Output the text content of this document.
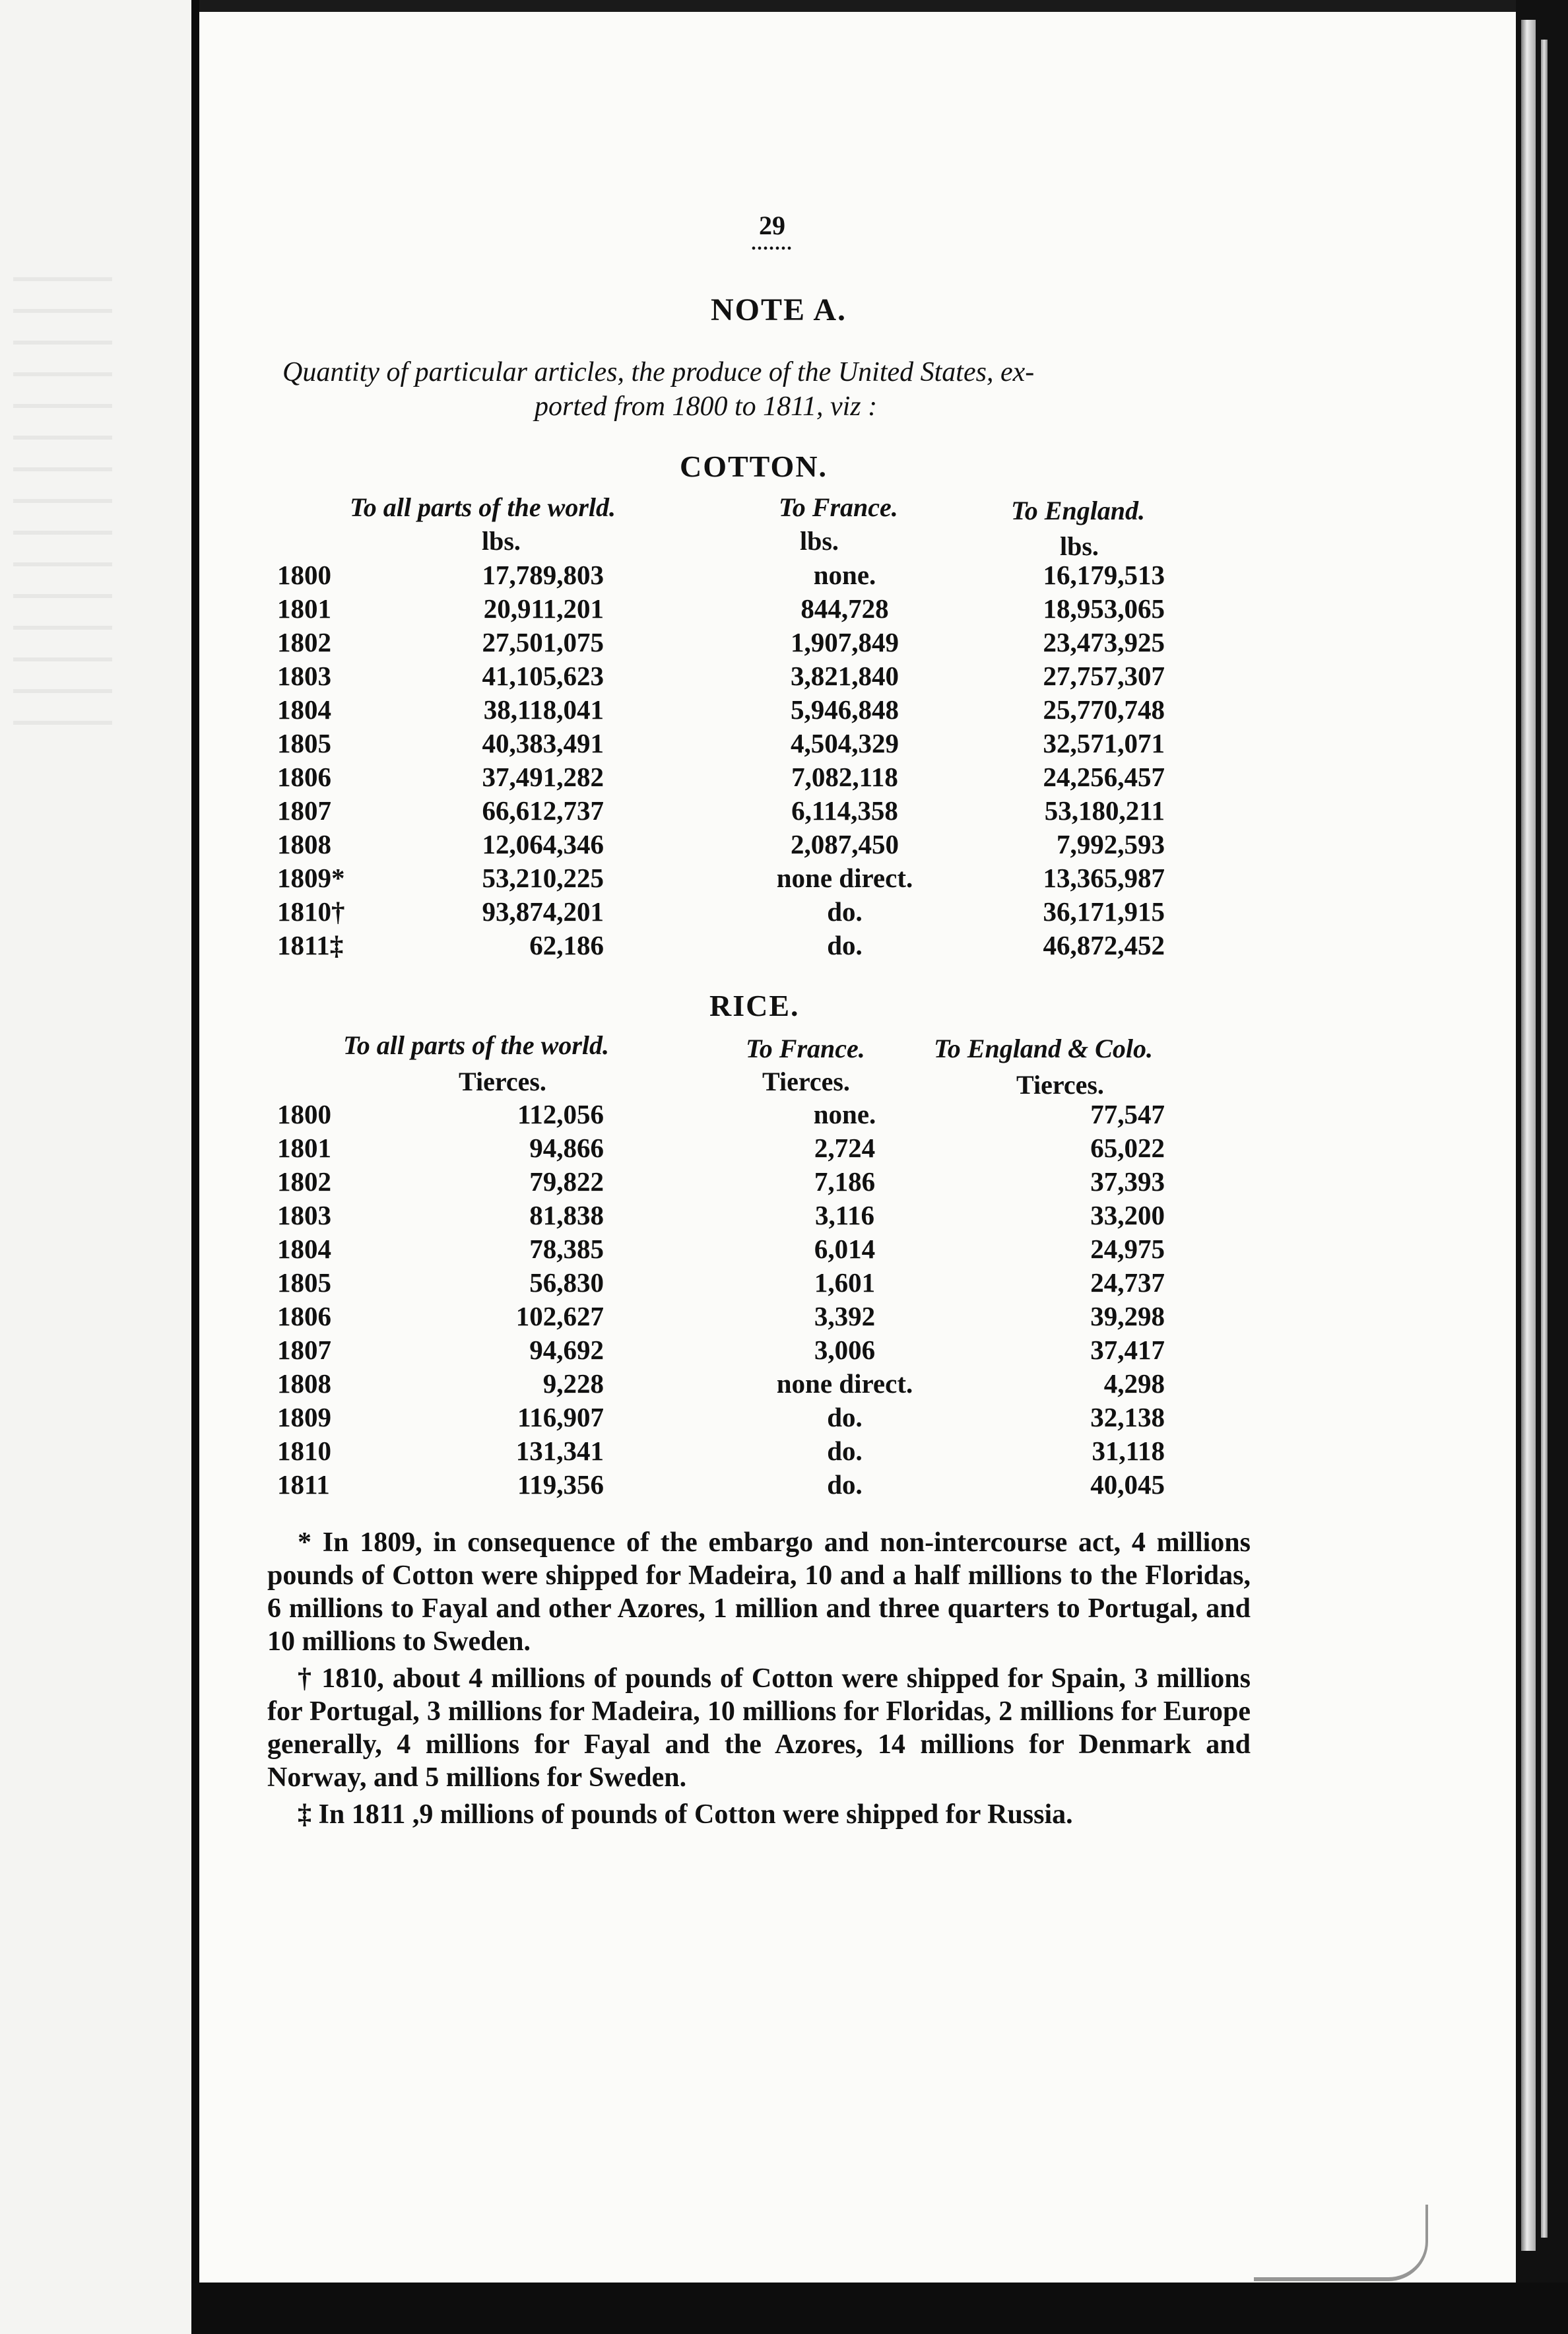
29
•••••••
NOTE A.
Quantity of particular articles, the produce of the United States, ex-
ported from 1800 to 1811, viz :
COTTON.
To all parts of the world.	To France.	To England.
lbs.	lbs.	lbs.
1800	17,789,803	none.	16,179,513
1801	20,911,201	844,728	18,953,065
1802	27,501,075	1,907,849	23,473,925
1803	41,105,623	3,821,840	27,757,307
1804	38,118,041	5,946,848	25,770,748
1805	40,383,491	4,504,329	32,571,071
1806	37,491,282	7,082,118	24,256,457
1807	66,612,737	6,114,358	53,180,211
1808	12,064,346	2,087,450	7,992,593
1809*	53,210,225	none direct.	13,365,987
1810†	93,874,201	do.	36,171,915
1811‡	62,186	do.	46,872,452
RICE.
To all parts of the world.	To France.	To England & Colo.
Tierces.	Tierces.	Tierces.
1800	112,056	none.	77,547
1801	94,866	2,724	65,022
1802	79,822	7,186	37,393
1803	81,838	3,116	33,200
1804	78,385	6,014	24,975
1805	56,830	1,601	24,737
1806	102,627	3,392	39,298
1807	94,692	3,006	37,417
1808	9,228	none direct.	4,298
1809	116,907	do.	32,138
1810	131,341	do.	31,118
1811	119,356	do.	40,045

* In 1809, in consequence of the embargo and non-intercourse act, 4 millions pounds of Cotton were shipped for Madeira, 10 and a half millions to the Floridas, 6 millions to Fayal and other Azores, 1 million and three quarters to Portugal, and 10 millions to Sweden.

† 1810, about 4 millions of pounds of Cotton were shipped for Spain, 3 millions for Portugal, 3 millions for Madeira, 10 millions for Floridas, 2 millions for Europe generally, 4 millions for Fayal and the Azores, 14 millions for Denmark and Norway, and 5 millions for Sweden.

‡ In 1811 ,9 millions of pounds of Cotton were shipped for Russia.
